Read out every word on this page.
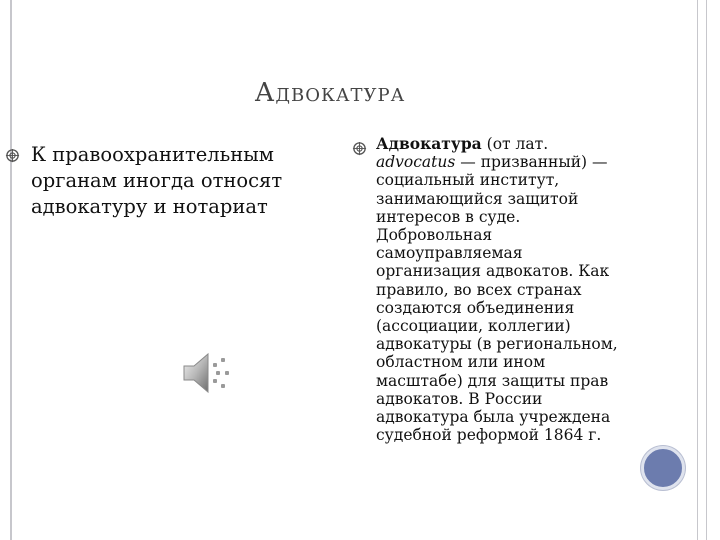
Адвокатура
К правоохранительным органам иногда относят адвокатуру и нотариат
Адвокатура (от лат. advocatus — призванный) — социальный институт, занимающийся защитой интересов в суде. Добровольная самоуправляемая организация адвокатов. Как правило, во всех странах создаются объединения (ассоциации, коллегии) адвокатуры (в региональном, областном или ином масштабе) для защиты прав адвокатов. В России адвокатура была учреждена судебной реформой 1864 г.
